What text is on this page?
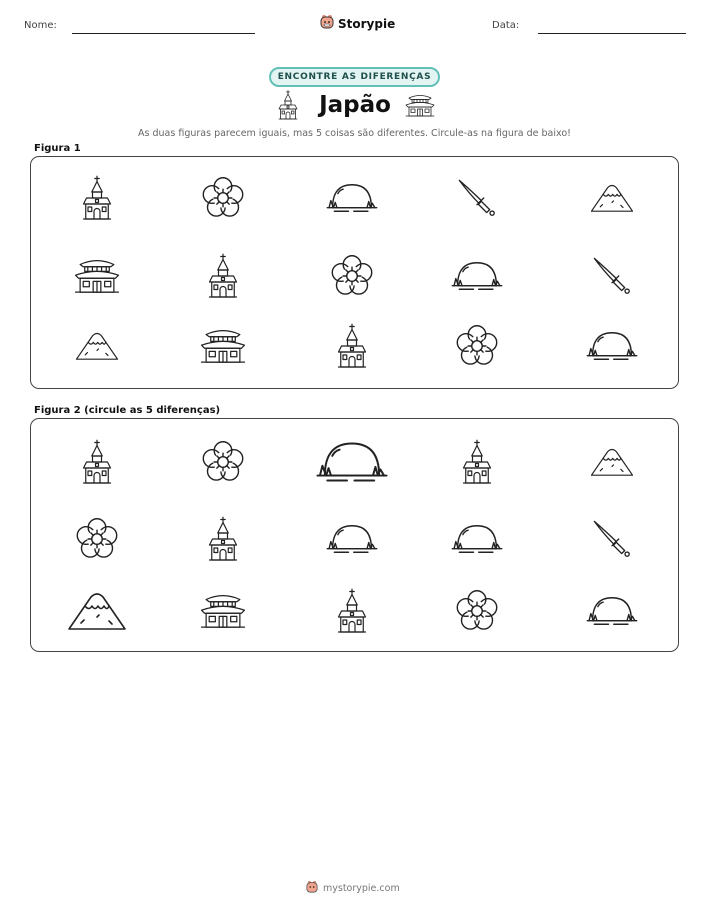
Nome:	Storypie	Data:
ENCONTRE AS DIFERENÇAS
Japão
As duas figuras parecem iguais, mas 5 coisas são diferentes. Circule-as na figura de baixo!
Figura 1
Figura 2 (circule as 5 diferenças)
mystorypie.com
